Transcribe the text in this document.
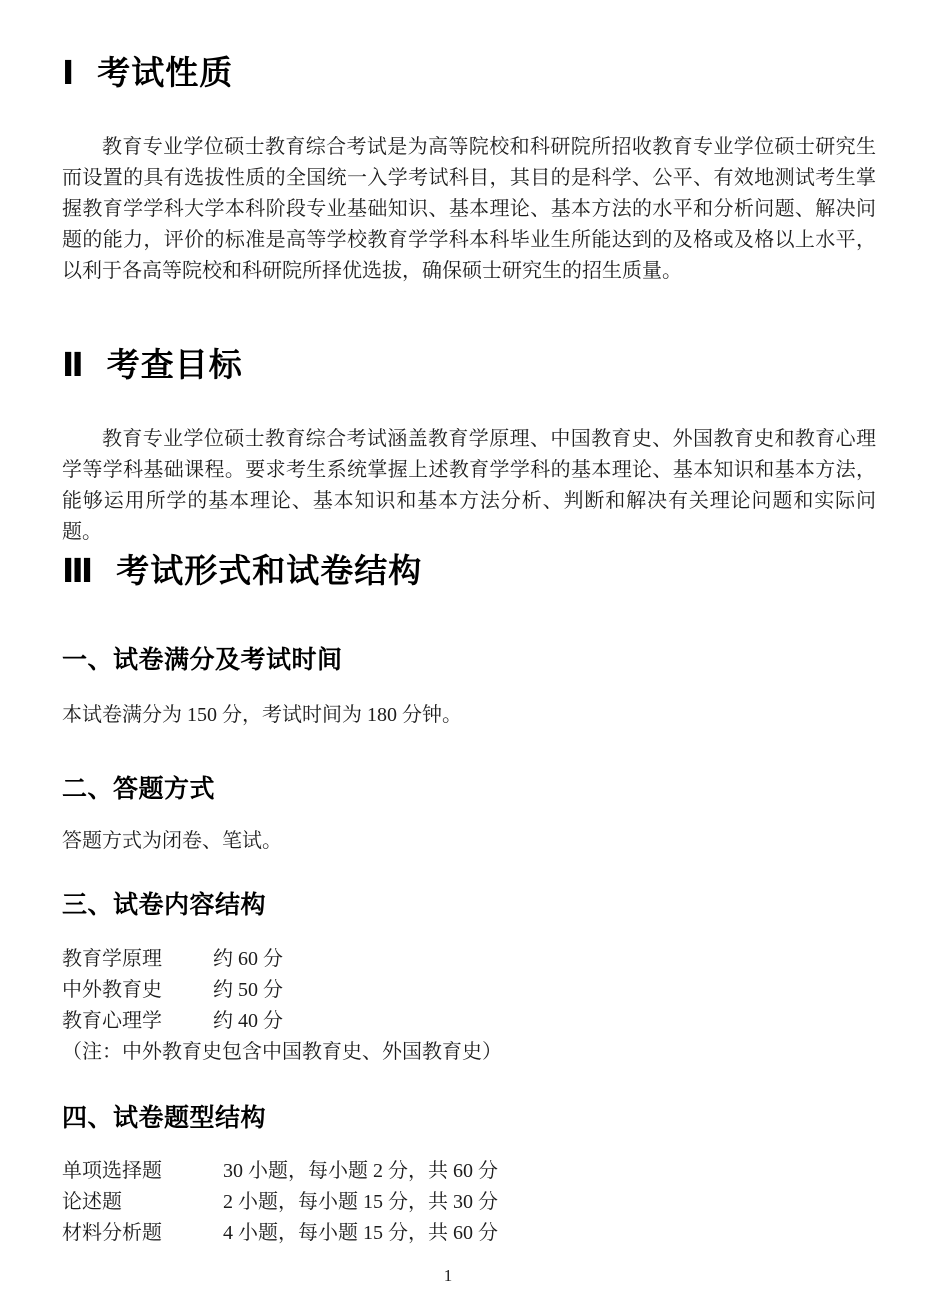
Ⅰ 考试性质

教育专业学位硕士教育综合考试是为高等院校和科研院所招收教育专业学位硕士研究生而设置的具有选拔性质的全国统一入学考试科目，其目的是科学、公平、有效地测试考生掌握教育学学科大学本科阶段专业基础知识、基本理论、基本方法的水平和分析问题、解决问题的能力，评价的标准是高等学校教育学学科本科毕业生所能达到的及格或及格以上水平，以利于各高等院校和科研院所择优选拔，确保硕士研究生的招生质量。

Ⅱ 考查目标

教育专业学位硕士教育综合考试涵盖教育学原理、中国教育史、外国教育史和教育心理学等学科基础课程。要求考生系统掌握上述教育学学科的基本理论、基本知识和基本方法，能够运用所学的基本理论、基本知识和基本方法分析、判断和解决有关理论问题和实际问题。

Ⅲ 考试形式和试卷结构
一、试卷满分及考试时间

本试卷满分为 150 分，考试时间为 180 分钟。

二、答题方式

答题方式为闭卷、笔试。

三、试卷内容结构
教育学原理	约 60 分
中外教育史	约 50 分
教育心理学	约 40 分

（注：中外教育史包含中国教育史、外国教育史）

四、试卷题型结构
单项选择题	30 小题，每小题 2 分，共 60 分
论述题	2 小题，每小题 15 分，共 30 分
材料分析题	4 小题，每小题 15 分，共 60 分
1
